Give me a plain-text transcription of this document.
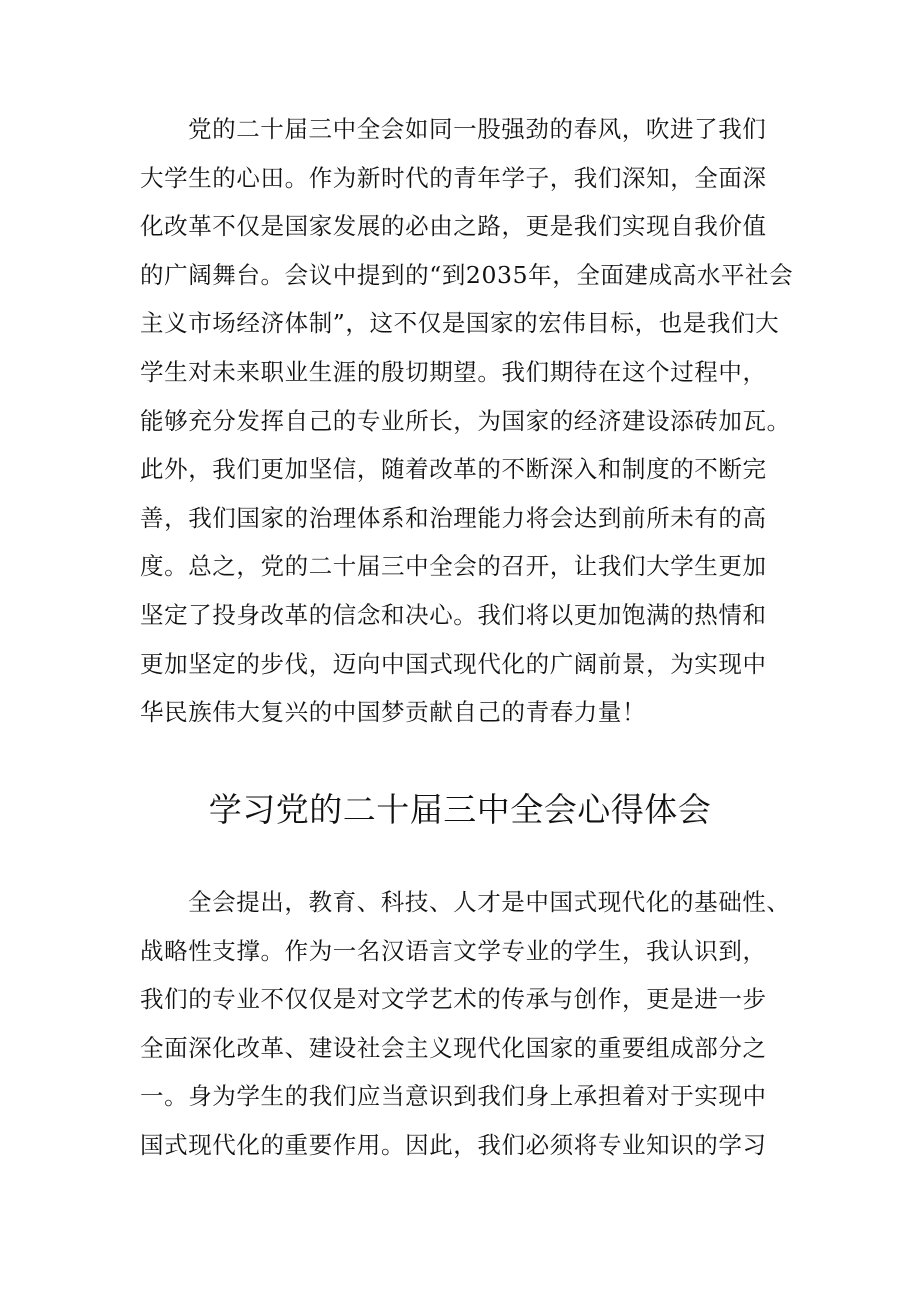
党的二十届三中全会如同一股强劲的春风，吹进了我们
大学生的心田。作为新时代的青年学子，我们深知，全面深
化改革不仅是国家发展的必由之路，更是我们实现自我价值
的广阔舞台。会议中提到的“到2035年，全面建成高水平社会
主义市场经济体制”，这不仅是国家的宏伟目标，也是我们大
学生对未来职业生涯的殷切期望。我们期待在这个过程中，
能够充分发挥自己的专业所长，为国家的经济建设添砖加瓦。
此外，我们更加坚信，随着改革的不断深入和制度的不断完
善，我们国家的治理体系和治理能力将会达到前所未有的高
度。总之，党的二十届三中全会的召开，让我们大学生更加
坚定了投身改革的信念和决心。我们将以更加饱满的热情和
更加坚定的步伐，迈向中国式现代化的广阔前景，为实现中
华民族伟大复兴的中国梦贡献自己的青春力量！

学习党的二十届三中全会心得体会

全会提出，教育、科技、人才是中国式现代化的基础性、
战略性支撑。作为一名汉语言文学专业的学生，我认识到，
我们的专业不仅仅是对文学艺术的传承与创作，更是进一步
全面深化改革、建设社会主义现代化国家的重要组成部分之
一。身为学生的我们应当意识到我们身上承担着对于实现中
国式现代化的重要作用。因此，我们必须将专业知识的学习
